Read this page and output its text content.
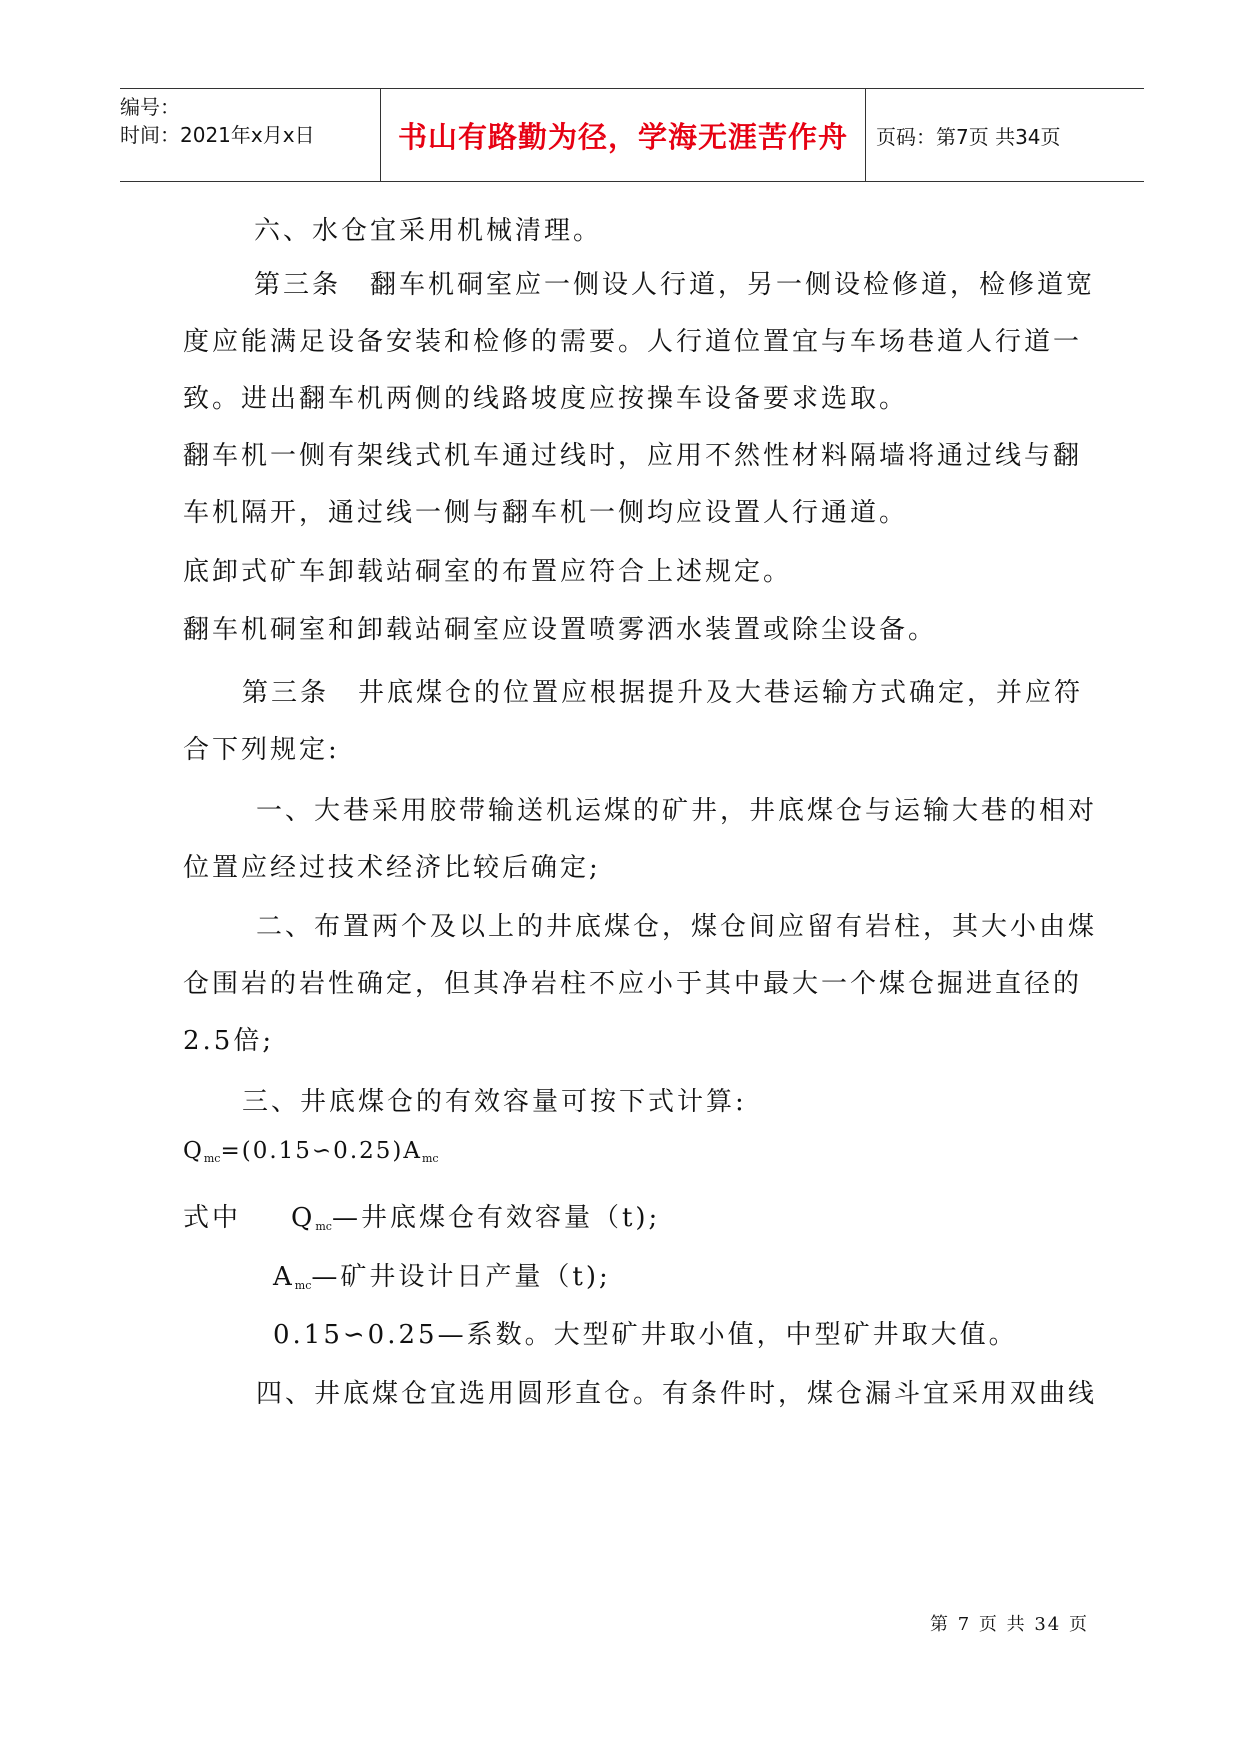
编号：
时间：2021年x月x日	书山有路勤为径，学海无涯苦作舟 页码：第7页 共34页
六、水仓宜采用机械清理。
第三条　翻车机硐室应一侧设人行道，另一侧设检修道，检修道宽
度应能满足设备安装和检修的需要。人行道位置宜与车场巷道人行道一
致。进出翻车机两侧的线路坡度应按操车设备要求选取。
翻车机一侧有架线式机车通过线时，应用不然性材料隔墙将通过线与翻
车机隔开，通过线一侧与翻车机一侧均应设置人行通道。
底卸式矿车卸载站硐室的布置应符合上述规定。
翻车机硐室和卸载站硐室应设置喷雾洒水装置或除尘设备。
第三条　井底煤仓的位置应根据提升及大巷运输方式确定，并应符
合下列规定:
一、大巷采用胶带输送机运煤的矿井，井底煤仓与运输大巷的相对
位置应经过技术经济比较后确定;
二、布置两个及以上的井底煤仓，煤仓间应留有岩柱，其大小由煤
仓围岩的岩性确定，但其净岩柱不应小于其中最大一个煤仓掘进直径的
2.5倍;
三、井底煤仓的有效容量可按下式计算:
$Q_{mc}=(0.15∽0.25)A_{mc}$
式中 $Q_{mc}—$井底煤仓有效容量（t);
$A_{mc}—$矿井设计日产量（t);
0.15∽0.25—系数。大型矿井取小值，中型矿井取大值。
四、井底煤仓宜选用圆形直仓。有条件时，煤仓漏斗宜采用双曲线
第 7 页 共 34 页
